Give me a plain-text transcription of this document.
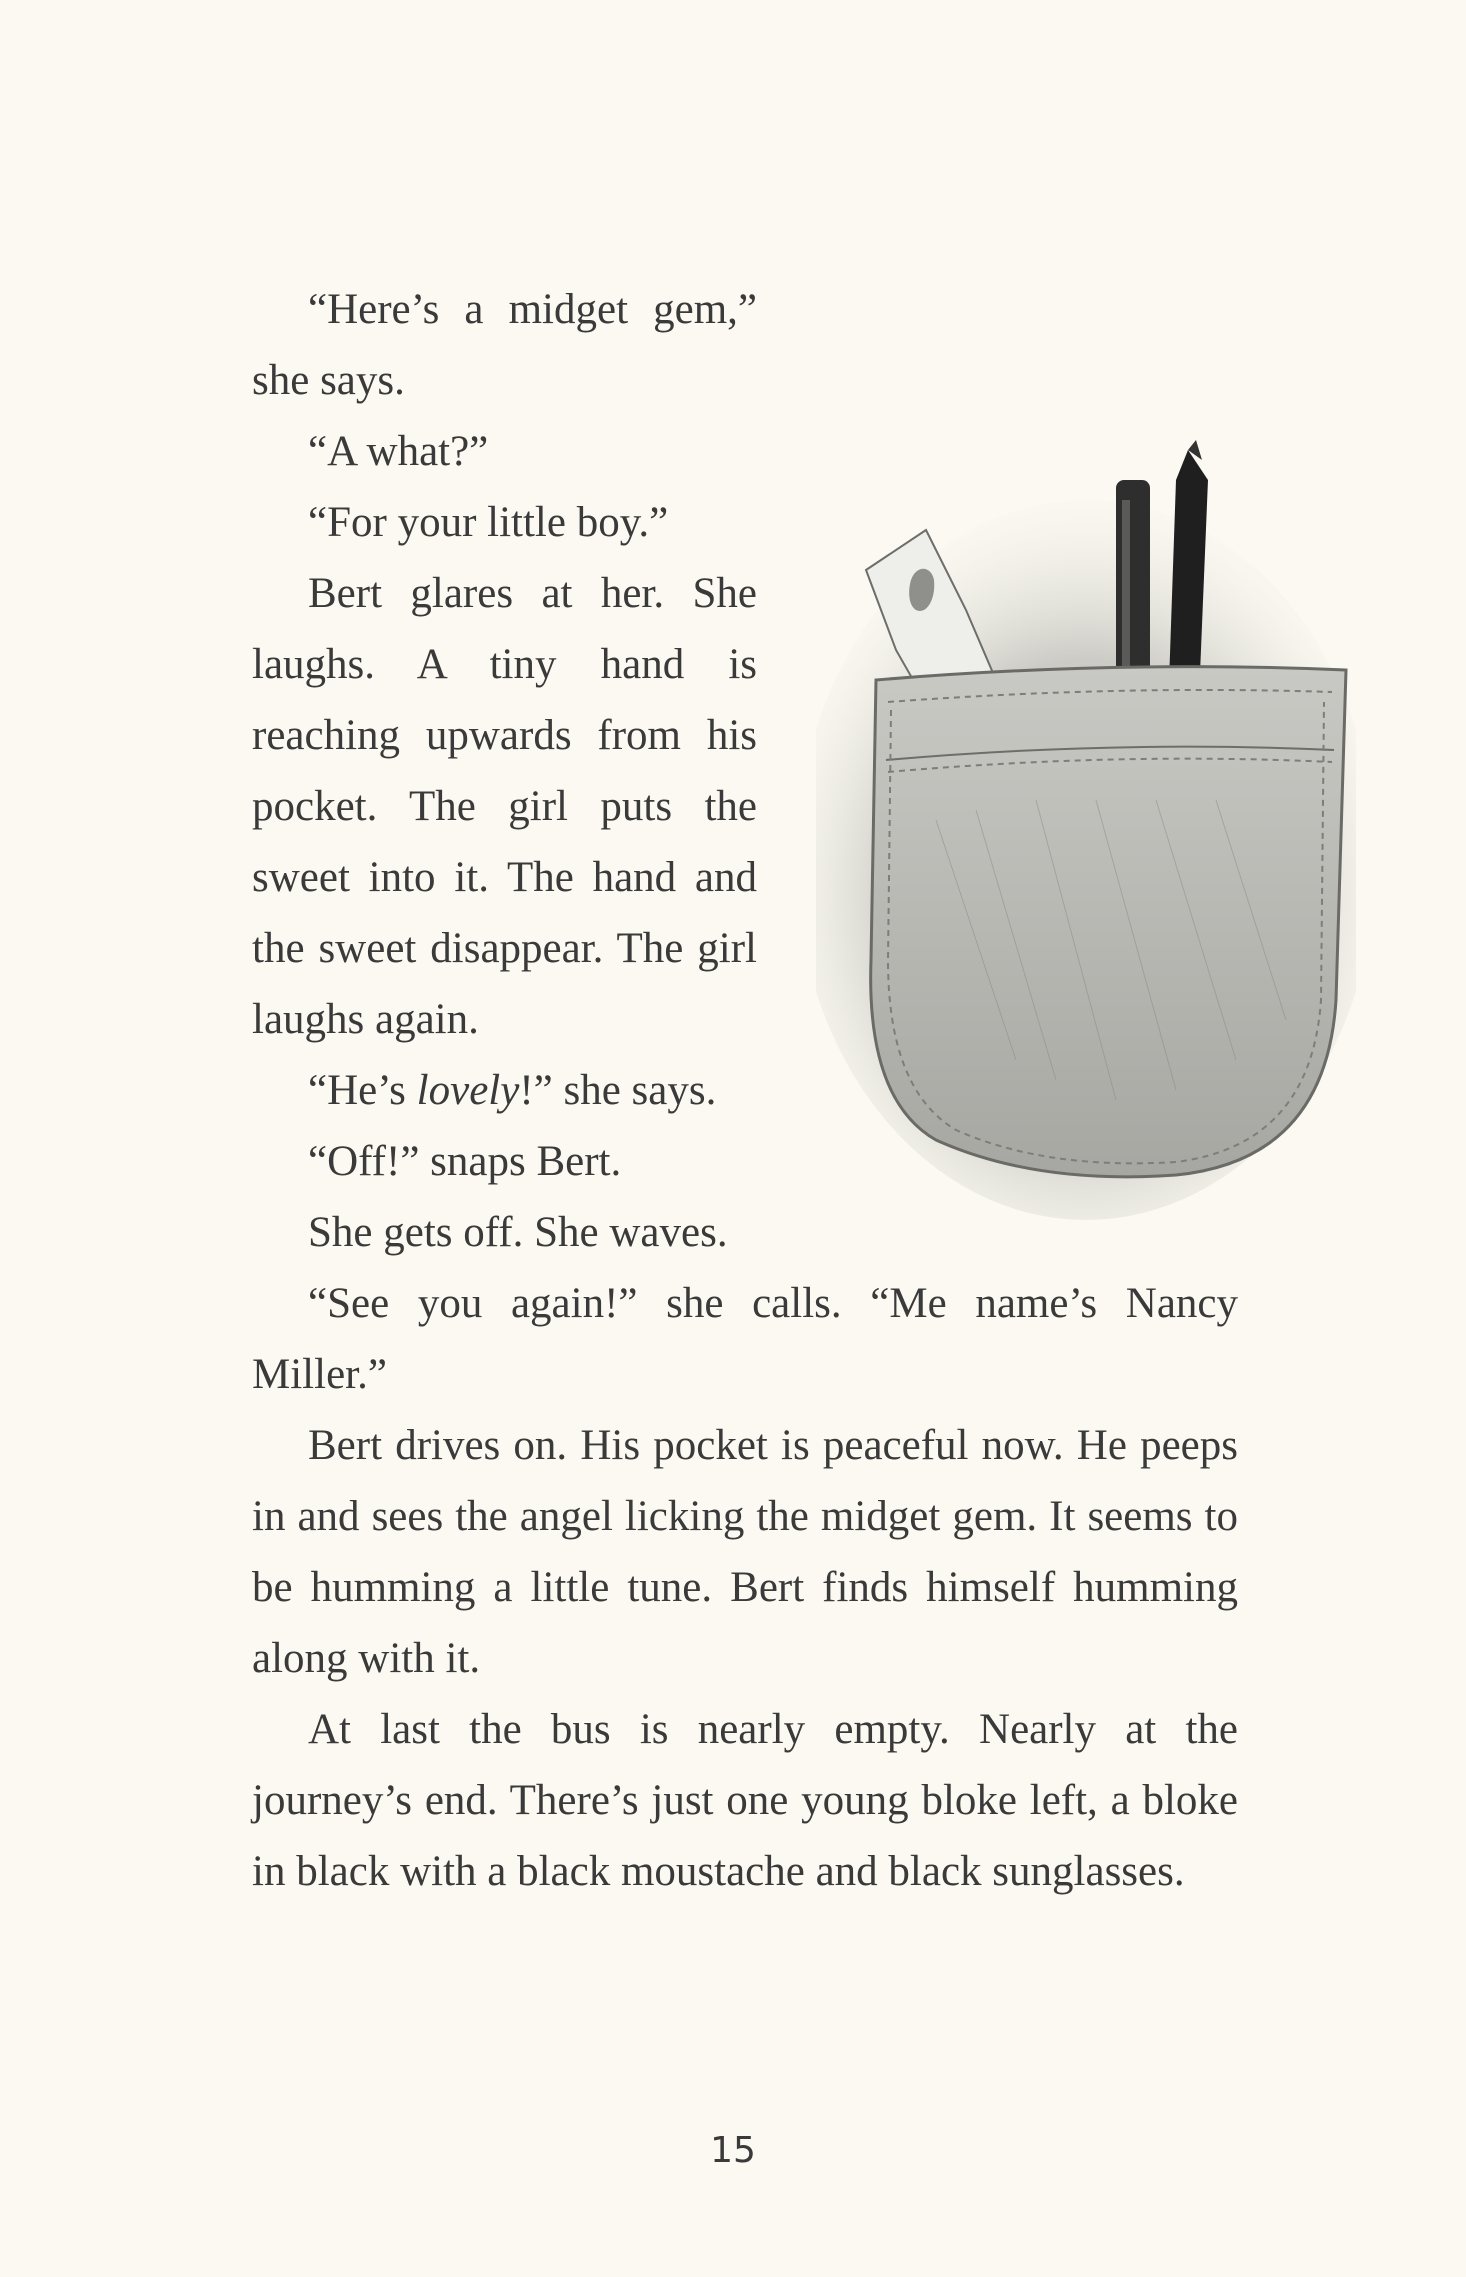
“Here’s a midget gem,” she says.

“A what?”

“For your little boy.”

Bert glares at her. She laughs. A tiny hand is reaching upwards from his pocket. The girl puts the sweet into it. The hand and the sweet disappear. The girl laughs again.

“He’s lovely!” she says.

“Off!” snaps Bert.

She gets off. She waves.

“See you again!” she calls. “Me name’s Nancy Miller.”

Bert drives on. His pocket is peaceful now. He peeps in and sees the angel licking the midget gem. It seems to be humming a little tune. Bert finds himself humming along with it.

At last the bus is nearly empty. Nearly at the journey’s end. There’s just one young bloke left, a bloke in black with a black moustache and black sunglasses.

15
